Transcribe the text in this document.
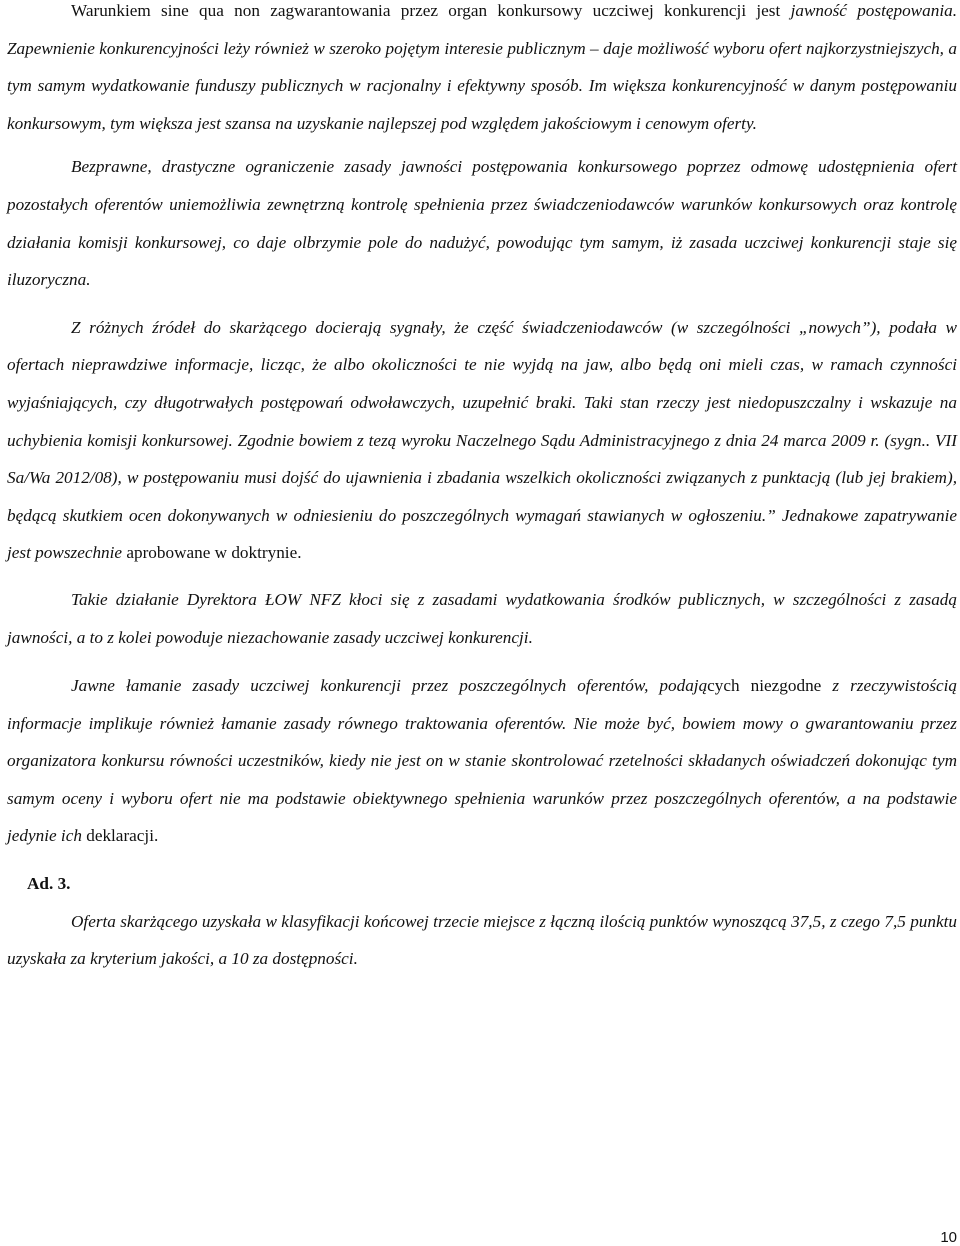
Warunkiem sine qua non zagwarantowania przez organ konkursowy uczciwej konkurencji jest jawność postępowania. Zapewnienie konkurencyjności leży również w szeroko pojętym interesie publicznym – daje możliwość wyboru ofert najkorzystniejszych, a tym samym wydatkowanie funduszy publicznych w racjonalny i efektywny sposób. Im większa konkurencyjność w danym postępowaniu konkursowym, tym większa jest szansa na uzyskanie najlepszej pod względem jakościowym i cenowym oferty.

Bezprawne, drastyczne ograniczenie zasady jawności postępowania konkursowego poprzez odmowę udostępnienia ofert pozostałych oferentów uniemożliwia zewnętrzną kontrolę spełnienia przez świadczeniodawców warunków konkursowych oraz kontrolę działania komisji konkursowej, co daje olbrzymie pole do nadużyć, powodując tym samym, iż zasada uczciwej konkurencji staje się iluzoryczna.

Z różnych źródeł do skarżącego docierają sygnały, że część świadczeniodawców (w szczególności „nowych”), podała w ofertach nieprawdziwe informacje, licząc, że albo okoliczności te nie wyjdą na jaw, albo będą oni mieli czas, w ramach czynności wyjaśniających, czy długotrwałych postępowań odwoławczych, uzupełnić braki. Taki stan rzeczy jest niedopuszczalny i wskazuje na uchybienia komisji konkursowej. Zgodnie bowiem z tezą wyroku Naczelnego Sądu Administracyjnego z dnia 24 marca 2009 r. (sygn.. VII Sa/Wa 2012/08), w postępowaniu musi dojść do ujawnienia i zbadania wszelkich okoliczności związanych z punktacją (lub jej brakiem), będącą skutkiem ocen dokonywanych w odniesieniu do poszczególnych wymagań stawianych w ogłoszeniu.” Jednakowe zapatrywanie jest powszechnie aprobowane w doktrynie.

Takie działanie Dyrektora ŁOW NFZ kłoci się z zasadami wydatkowania środków publicznych, w szczególności z zasadą jawności, a to z kolei powoduje niezachowanie zasady uczciwej konkurencji.

Jawne łamanie zasady uczciwej konkurencji przez poszczególnych oferentów, podających niezgodne z rzeczywistością informacje implikuje również łamanie zasady równego traktowania oferentów. Nie może być, bowiem mowy o gwarantowaniu przez organizatora konkursu równości uczestników, kiedy nie jest on w stanie skontrolować rzetelności składanych oświadczeń dokonując tym samym oceny i wyboru ofert nie ma podstawie obiektywnego spełnienia warunków przez poszczególnych oferentów, a na podstawie jedynie ich deklaracji.

Ad. 3.

Oferta skarżącego uzyskała w klasyfikacji końcowej trzecie miejsce z łączną ilością punktów wynoszącą 37,5, z czego 7,5 punktu uzyskała za kryterium jakości, a 10 za dostępności.

10
